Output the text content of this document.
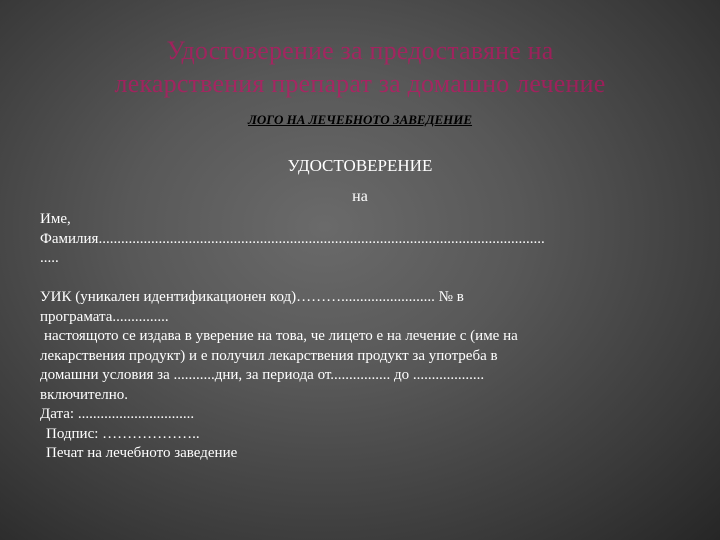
Удостоверение за предоставяне на
лекарствения препарат за домашно лечение
ЛОГО НА ЛЕЧЕБНОТО ЗАВЕДЕНИЕ
УДОСТОВЕРЕНИЕ
на
Име,
Фамилия.......................................................................................................................
.....
УИК (уникален идентификационен код)………......................... № в
програмата...............
настоящото се издава в уверение на това, че лицето е на лечение с (име на
лекарствения продукт) и е получил лекарствения продукт за употреба в
домашни условия за ...........дни, за периода от................ до ...................
включително.
Дата: ...............................
Подпис: ………………..
Печат на лечебното заведение
